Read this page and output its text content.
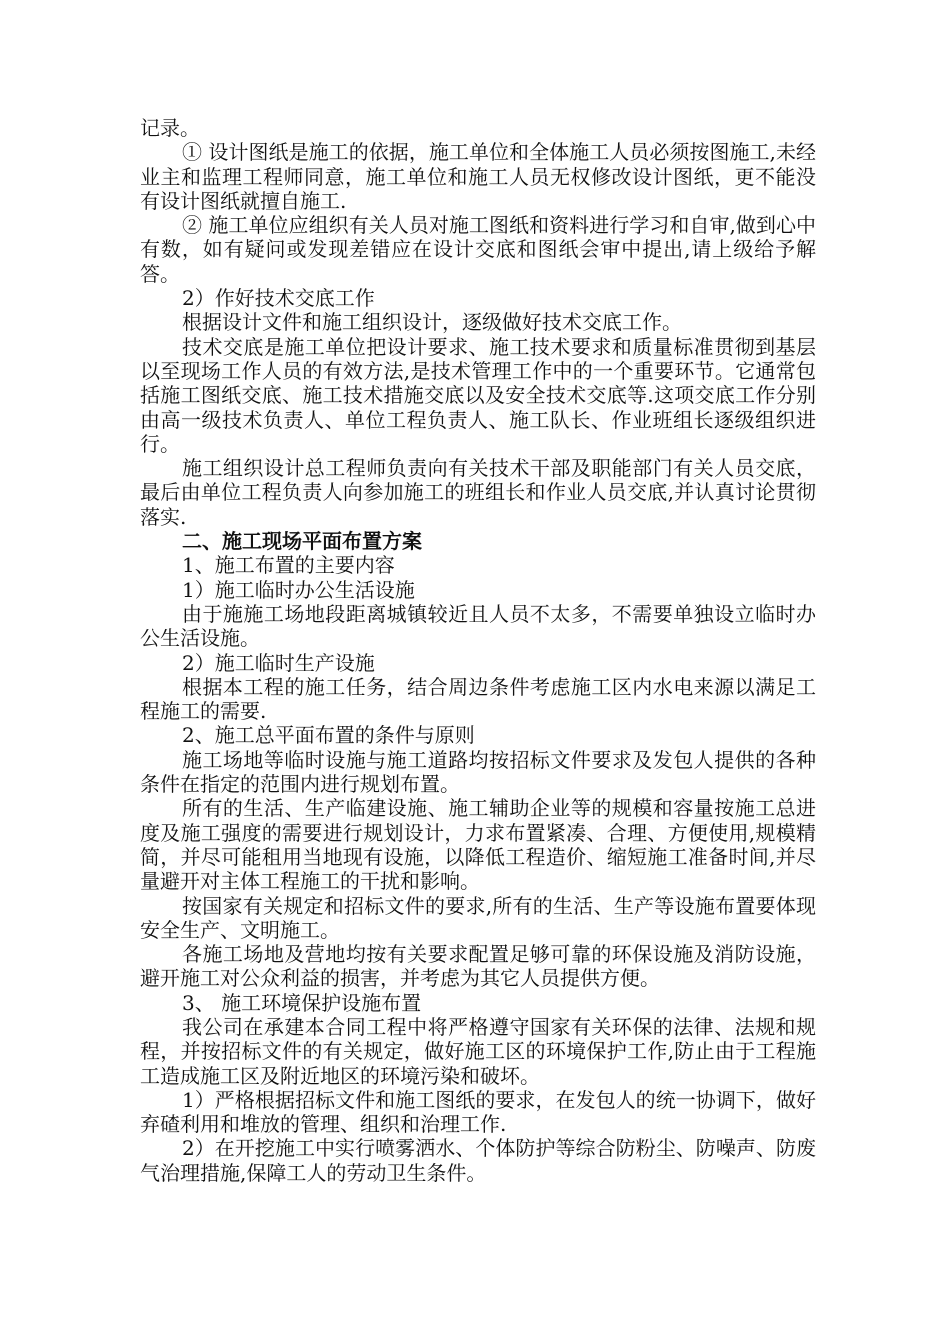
记录。

① 设计图纸是施工的依据，施工单位和全体施工人员必须按图施工,未经业主和监理工程师同意，施工单位和施工人员无权修改设计图纸，更不能没有设计图纸就擅自施工.

② 施工单位应组织有关人员对施工图纸和资料进行学习和自审,做到心中有数，如有疑问或发现差错应在设计交底和图纸会审中提出,请上级给予解答。

2）作好技术交底工作

根据设计文件和施工组织设计，逐级做好技术交底工作。

技术交底是施工单位把设计要求、施工技术要求和质量标准贯彻到基层以至现场工作人员的有效方法,是技术管理工作中的一个重要环节。它通常包括施工图纸交底、施工技术措施交底以及安全技术交底等.这项交底工作分别由高一级技术负责人、单位工程负责人、施工队长、作业班组长逐级组织进行。

施工组织设计总工程师负责向有关技术干部及职能部门有关人员交底，最后由单位工程负责人向参加施工的班组长和作业人员交底,并认真讨论贯彻落实.

二、施工现场平面布置方案

1、施工布置的主要内容

1）施工临时办公生活设施

由于施施工场地段距离城镇较近且人员不太多，不需要单独设立临时办公生活设施。

2）施工临时生产设施

根据本工程的施工任务，结合周边条件考虑施工区内水电来源以满足工程施工的需要.

2、施工总平面布置的条件与原则

施工场地等临时设施与施工道路均按招标文件要求及发包人提供的各种条件在指定的范围内进行规划布置。

所有的生活、生产临建设施、施工辅助企业等的规模和容量按施工总进度及施工强度的需要进行规划设计，力求布置紧凑、合理、方便使用,规模精简，并尽可能租用当地现有设施，以降低工程造价、缩短施工准备时间,并尽量避开对主体工程施工的干扰和影响。

按国家有关规定和招标文件的要求,所有的生活、生产等设施布置要体现安全生产、文明施工。

各施工场地及营地均按有关要求配置足够可靠的环保设施及消防设施，避开施工对公众利益的损害，并考虑为其它人员提供方便。

3、 施工环境保护设施布置

我公司在承建本合同工程中将严格遵守国家有关环保的法律、法规和规程，并按招标文件的有关规定，做好施工区的环境保护工作,防止由于工程施工造成施工区及附近地区的环境污染和破坏。

1）严格根据招标文件和施工图纸的要求，在发包人的统一协调下，做好弃碴利用和堆放的管理、组织和治理工作.

2）在开挖施工中实行喷雾洒水、个体防护等综合防粉尘、防噪声、防废气治理措施,保障工人的劳动卫生条件。
